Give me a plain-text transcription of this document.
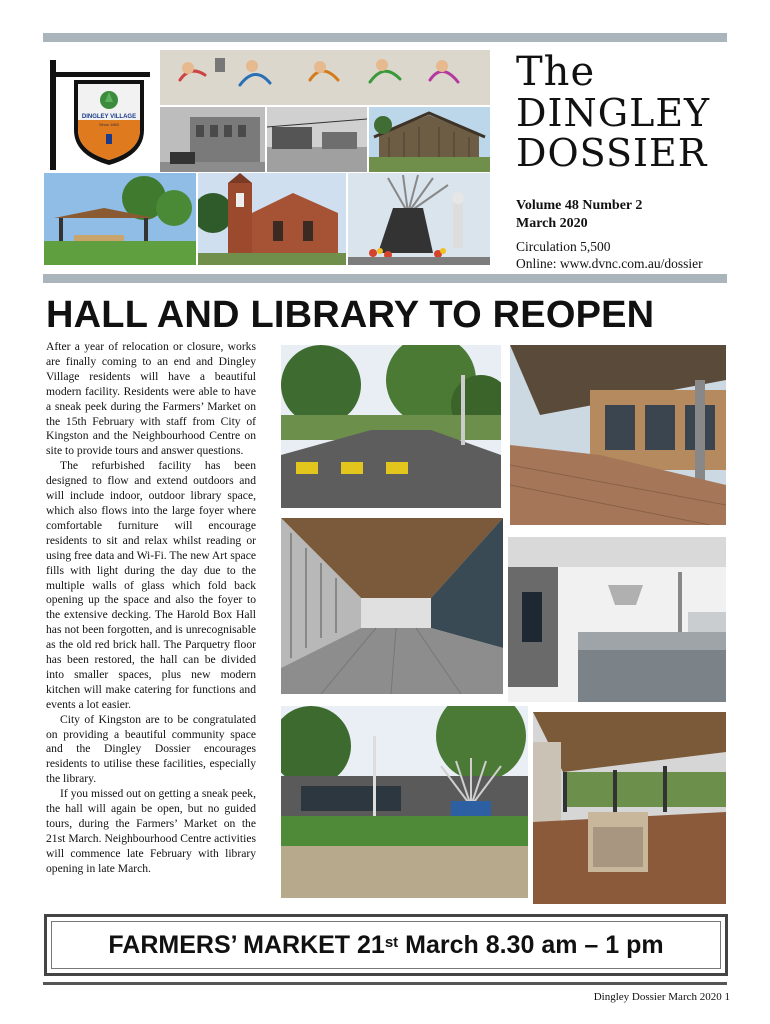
DINGLEY VILLAGE
Since 1860
The
DINGLEY
DOSSIER
Volume 48 Number 2
March 2020
Circulation 5,500
Online: www.dvnc.com.au/dossier
HALL AND LIBRARY TO REOPEN

After a year of relocation or closure, works are finally coming to an end and Dingley Village residents will have a beautiful modern facility. Residents were able to have a sneak peek during the Farmers’ Market on the 15th February with staff from City of Kingston and the Neighbourhood Centre on site to provide tours and answer questions.

The refurbished facility has been designed to flow and extend outdoors and will include indoor, outdoor library space, which also flows into the large foyer where comfortable furniture will encourage residents to sit and relax whilst reading or using free data and Wi-Fi. The new Art space fills with light during the day due to the multiple walls of glass which fold back opening up the space and also the foyer to the extensive decking. The Harold Box Hall has not been forgotten, and is unrecognisable as the old red brick hall. The Parquetry floor has been restored, the hall can be divided into smaller spaces, plus new modern kitchen will make catering for functions and events a lot easier.

City of Kingston are to be congratulated on providing a beautiful community space and the Dingley Dossier encourages residents to utilise these facilities, especially the library.

If you missed out on getting a sneak peek, the hall will again be open, but no guided tours, during the Farmers’ Market on the 21st March. Neighbourhood Centre activities will commence late February with library opening in late March.

FARMERS’ MARKET 21st March 8.30 am – 1 pm
Dingley Dossier March 2020 1
